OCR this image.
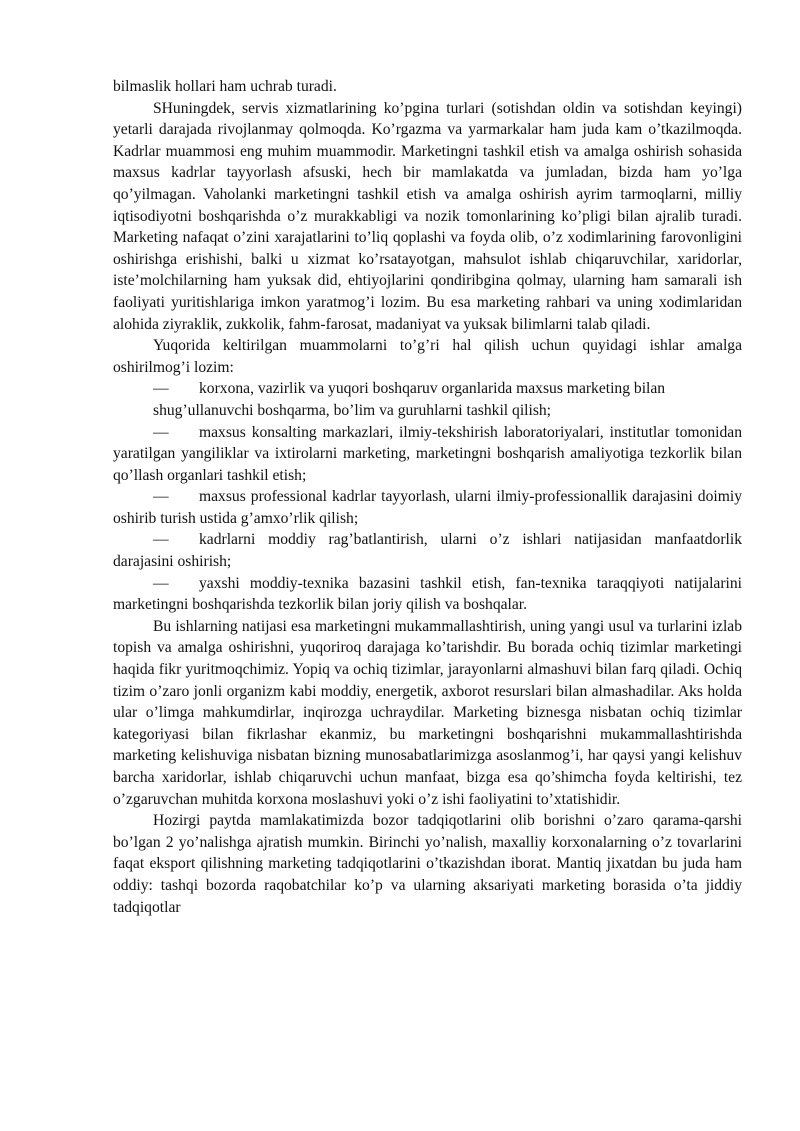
bilmaslik hollari ham uchrab turadi.

SHuningdek, servis xizmatlarining ko’pgina turlari (sotishdan oldin va sotishdan keyingi) yetarli darajada rivojlanmay qolmoqda. Ko’rgazma va yarmarkalar ham juda kam o’tkazilmoqda. Kadrlar muammosi eng muhim muammodir. Marketingni tashkil etish va amalga oshirish sohasida maxsus kadrlar tayyorlash afsuski, hech bir mamlakatda va jumladan, bizda ham yo’lga qo’yilmagan. Vaholanki marketingni tashkil etish va amalga oshirish ayrim tarmoqlarni, milliy iqtisodiyotni boshqarishda o’z murakkabligi va nozik tomonlarining ko’pligi bilan ajralib turadi. Marketing nafaqat o’zini xarajatlarini to’liq qoplashi va foyda olib, o’z xodimlarining farovonligini oshirishga erishishi, balki u xizmat ko’rsatayotgan, mahsulot ishlab chiqaruvchilar, xaridorlar, iste’molchilarning ham yuksak did, ehtiyojlarini qondiribgina qolmay, ularning ham samarali ish faoliyati yuritishlariga imkon yaratmog’i lozim. Bu esa marketing rahbari va uning xodimlaridan alohida ziyraklik, zukkolik, fahm-farosat, madaniyat va yuksak bilimlarni talab qiladi.

Yuqorida keltirilgan muammolarni to’g’ri hal qilish uchun quyidagi ishlar amalga oshirilmog’i lozim:

— korxona, vazirlik va yuqori boshqaruv organlarida maxsus marketing bilan

shug’ullanuvchi boshqarma, bo’lim va guruhlarni tashkil qilish;

— maxsus konsalting markazlari, ilmiy-tekshirish laboratoriyalari, institutlar tomonidan yaratilgan yangiliklar va ixtirolarni marketing, marketingni boshqarish amaliyotiga tezkorlik bilan qo’llash organlari tashkil etish;

— maxsus professional kadrlar tayyorlash, ularni ilmiy-professionallik darajasini doimiy oshirib turish ustida g’amxo’rlik qilish;

— kadrlarni moddiy rag’batlantirish, ularni o’z ishlari natijasidan manfaatdorlik darajasini oshirish;

— yaxshi moddiy-texnika bazasini tashkil etish, fan-texnika taraqqiyoti natijalarini marketingni boshqarishda tezkorlik bilan joriy qilish va boshqalar.

Bu ishlarning natijasi esa marketingni mukammallashtirish, uning yangi usul va turlarini izlab topish va amalga oshirishni, yuqoriroq darajaga ko’tarishdir. Bu borada ochiq tizimlar marketingi haqida fikr yuritmoqchimiz. Yopiq va ochiq tizimlar, jarayonlarni almashuvi bilan farq qiladi. Ochiq tizim o’zaro jonli organizm kabi moddiy, energetik, axborot resurslari bilan almashadilar. Aks holda ular o’limga mahkumdirlar, inqirozga uchraydilar. Marketing biznesga nisbatan ochiq tizimlar kategoriyasi bilan fikrlashar ekanmiz, bu marketingni boshqarishni mukammallashtirishda marketing kelishuviga nisbatan bizning munosabatlarimizga asoslanmog’i, har qaysi yangi kelishuv barcha xaridorlar, ishlab chiqaruvchi uchun manfaat, bizga esa qo’shimcha foyda keltirishi, tez o’zgaruvchan muhitda korxona moslashuvi yoki o’z ishi faoliyatini to’xtatishidir.

Hozirgi paytda mamlakatimizda bozor tadqiqotlarini olib borishni o’zaro qarama-qarshi bo’lgan 2 yo’nalishga ajratish mumkin. Birinchi yo’nalish, maxalliy korxonalarning o’z tovarlarini faqat eksport qilishning marketing tadqiqotlarini o’tkazishdan iborat. Mantiq jixatdan bu juda ham oddiy: tashqi bozorda raqobatchilar ko’p va ularning aksariyati marketing borasida o’ta jiddiy tadqiqotlar
